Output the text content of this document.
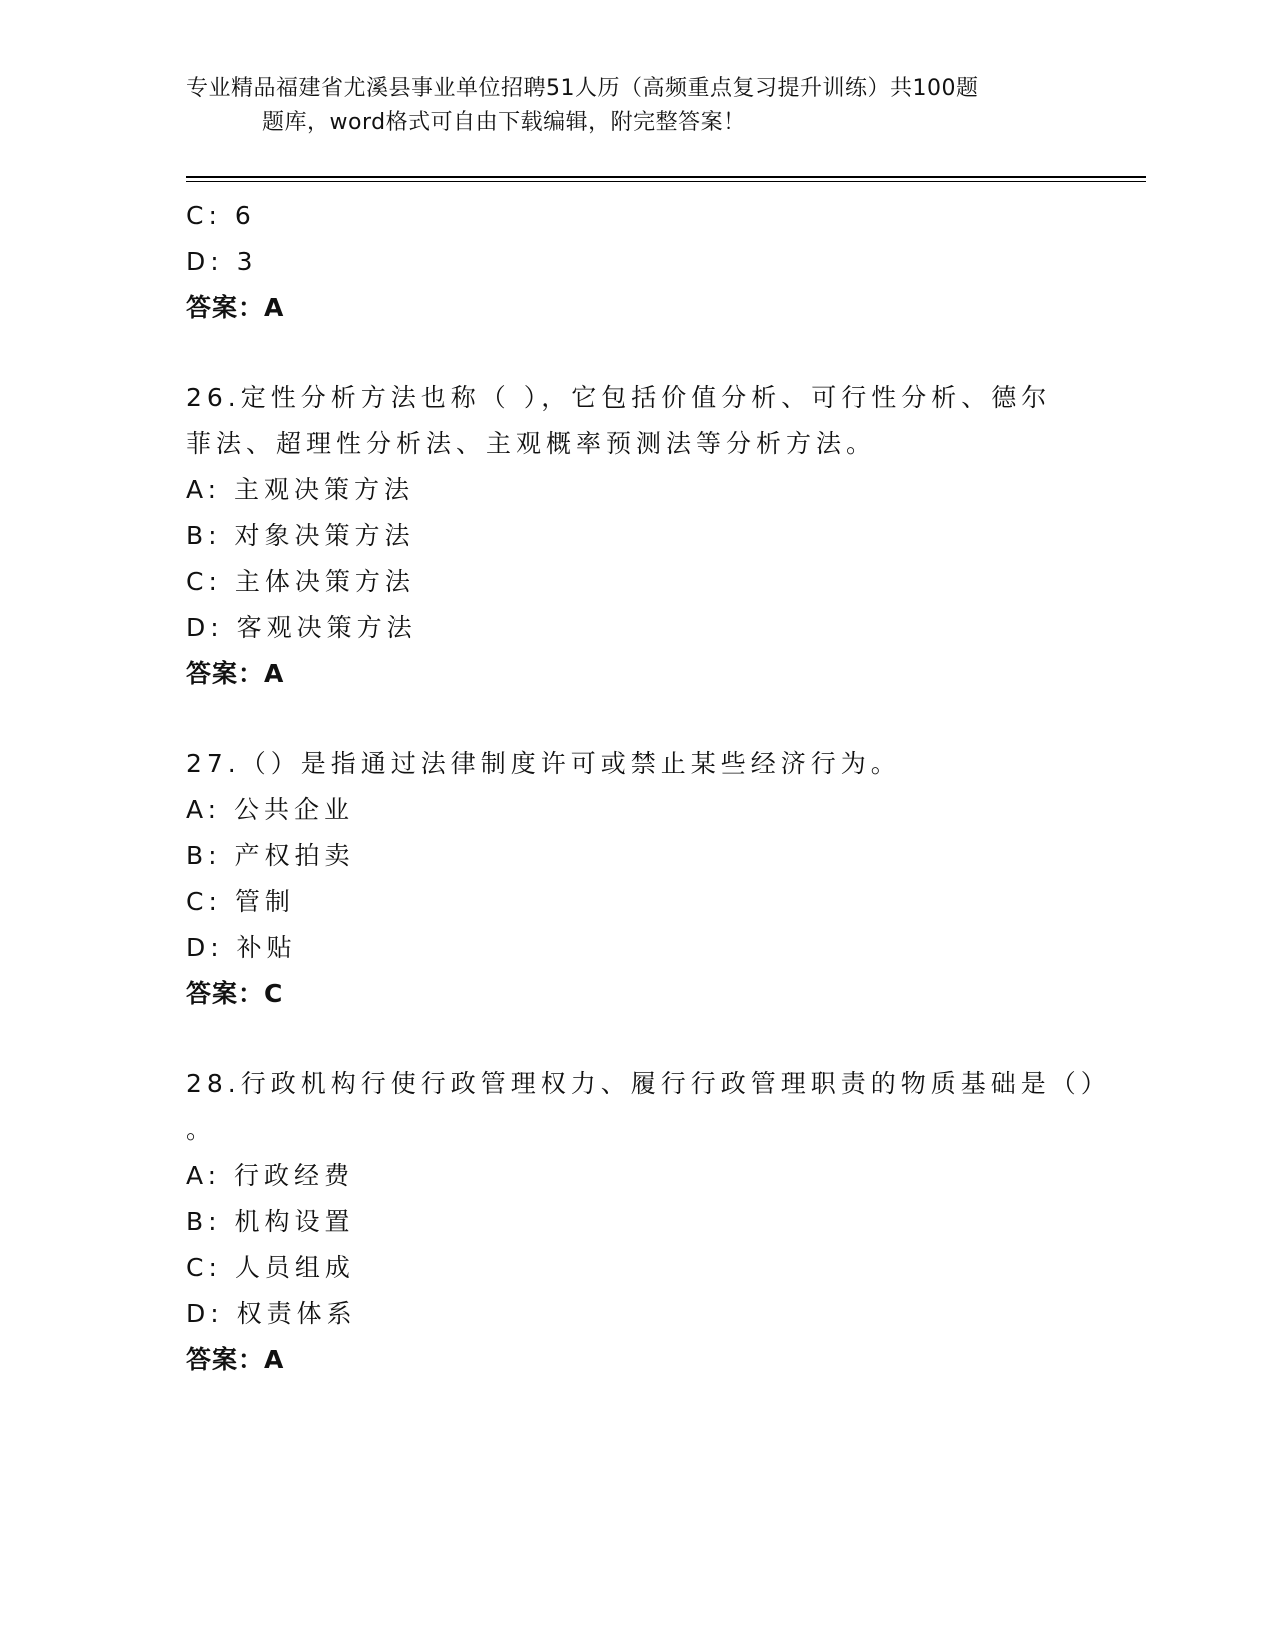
专业精品福建省尤溪县事业单位招聘51人历（高频重点复习提升训练）共100题
题库，word格式可自由下载编辑，附完整答案！
C: 6
D: 3
答案：A
26.定性分析方法也称（ ），它包括价值分析、可行性分析、德尔
菲法、超理性分析法、主观概率预测法等分析方法。
A: 主观决策方法
B: 对象决策方法
C: 主体决策方法
D: 客观决策方法
答案：A
27.（）是指通过法律制度许可或禁止某些经济行为。
A: 公共企业
B: 产权拍卖
C: 管制
D: 补贴
答案：C
28.行政机构行使行政管理权力、履行行政管理职责的物质基础是（）
。
A: 行政经费
B: 机构设置
C: 人员组成
D: 权责体系
答案：A
